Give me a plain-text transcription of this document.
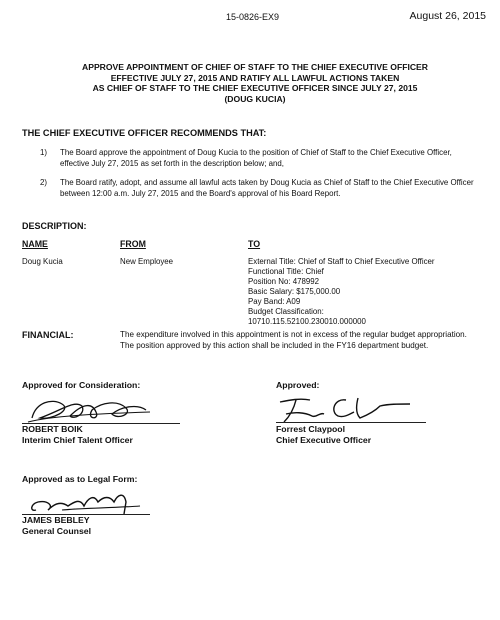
15-0826-EX9	August 26, 2015
APPROVE APPOINTMENT OF CHIEF OF STAFF TO THE CHIEF EXECUTIVE OFFICER
EFFECTIVE JULY 27, 2015 AND RATIFY ALL LAWFUL ACTIONS TAKEN
AS CHIEF OF STAFF TO THE CHIEF EXECUTIVE OFFICER SINCE JULY 27, 2015
(DOUG KUCIA)
THE CHIEF EXECUTIVE OFFICER RECOMMENDS THAT:
1) The Board approve the appointment of Doug Kucia to the position of Chief of Staff to the Chief Executive Officer, effective July 27, 2015 as set forth in the description below; and,
2) The Board ratify, adopt, and assume all lawful acts taken by Doug Kucia as Chief of Staff to the Chief Executive Officer between 12:00 a.m. July 27, 2015 and the Board's approval of his Board Report.
DESCRIPTION:
NAME	FROM	TO
Doug Kucia	New Employee	External Title: Chief of Staff to Chief Executive Officer
Functional Title: Chief
Position No: 478992
Basic Salary: $175,000.00
Pay Band: A09
Budget Classification:
10710.115.52100.230010.000000
FINANCIAL:	The expenditure involved in this appointment is not in excess of the regular budget appropriation. The position approved by this action shall be included in the FY16 department budget.
Approved for Consideration:
ROBERT BOIK
Interim Chief Talent Officer
Approved:
Forrest Claypool
Chief Executive Officer
Approved as to Legal Form:
JAMES BEBLEY
General Counsel
